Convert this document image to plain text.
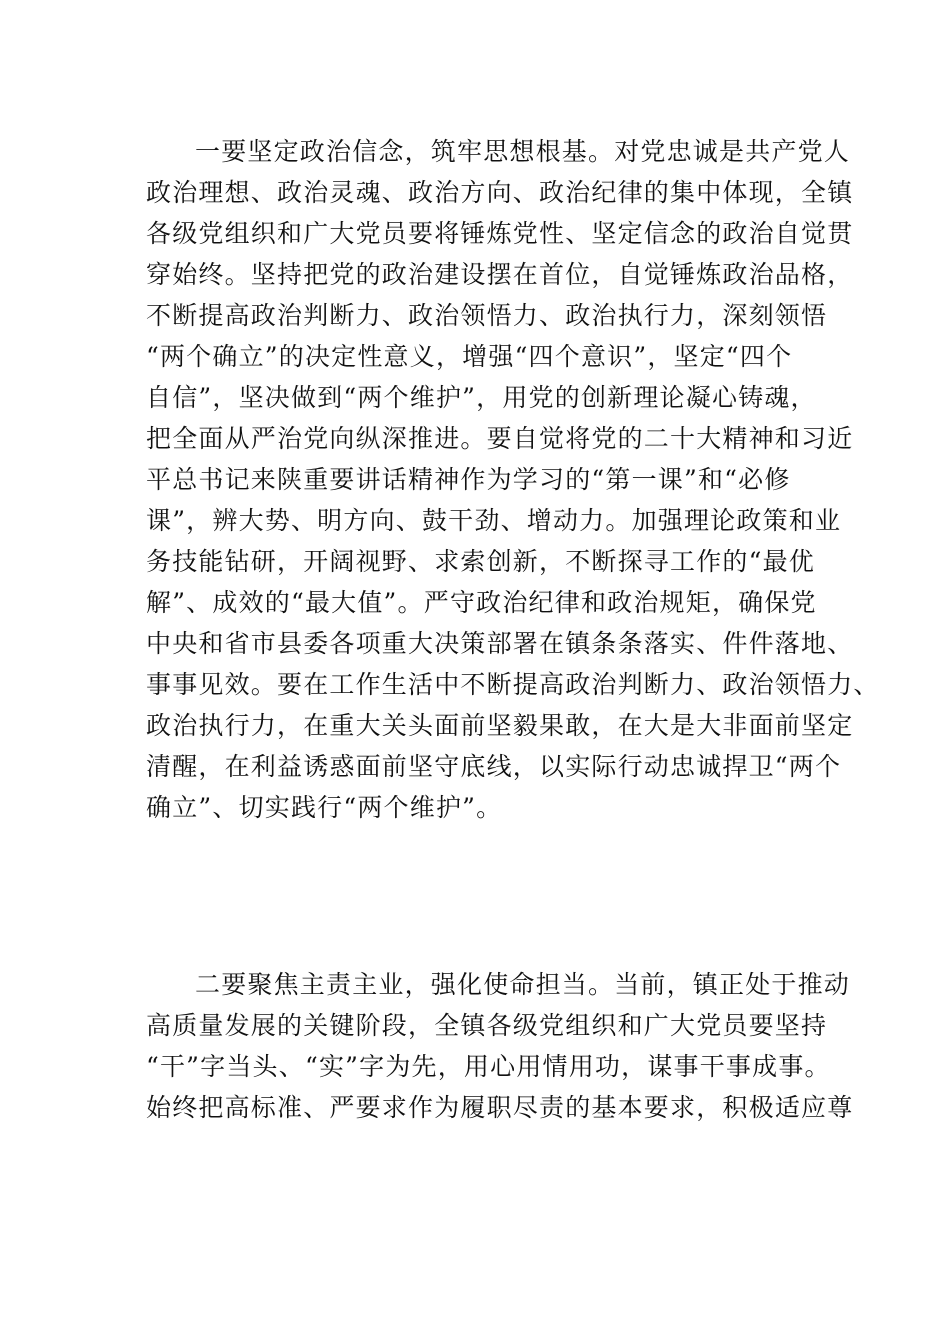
一要坚定政治信念，筑牢思想根基。对党忠诚是共产党人
政治理想、政治灵魂、政治方向、政治纪律的集中体现，全镇
各级党组织和广大党员要将锤炼党性、坚定信念的政治自觉贯
穿始终。坚持把党的政治建设摆在首位，自觉锤炼政治品格，
不断提高政治判断力、政治领悟力、政治执行力，深刻领悟
“两个确立”的决定性意义，增强“四个意识”，坚定“四个
自信”，坚决做到“两个维护”，用党的创新理论凝心铸魂，
把全面从严治党向纵深推进。要自觉将党的二十大精神和习近
平总书记来陕重要讲话精神作为学习的“第一课”和“必修
课”，辨大势、明方向、鼓干劲、增动力。加强理论政策和业
务技能钻研，开阔视野、求索创新，不断探寻工作的“最优
解”、成效的“最大值”。严守政治纪律和政治规矩，确保党
中央和省市县委各项重大决策部署在镇条条落实、件件落地、
事事见效。要在工作生活中不断提高政治判断力、政治领悟力、
政治执行力，在重大关头面前坚毅果敢，在大是大非面前坚定
清醒，在利益诱惑面前坚守底线，以实际行动忠诚捍卫“两个
确立”、切实践行“两个维护”。
二要聚焦主责主业，强化使命担当。当前，镇正处于推动
高质量发展的关键阶段，全镇各级党组织和广大党员要坚持
“干”字当头、“实”字为先，用心用情用功，谋事干事成事。
始终把高标准、严要求作为履职尽责的基本要求，积极适应尊
